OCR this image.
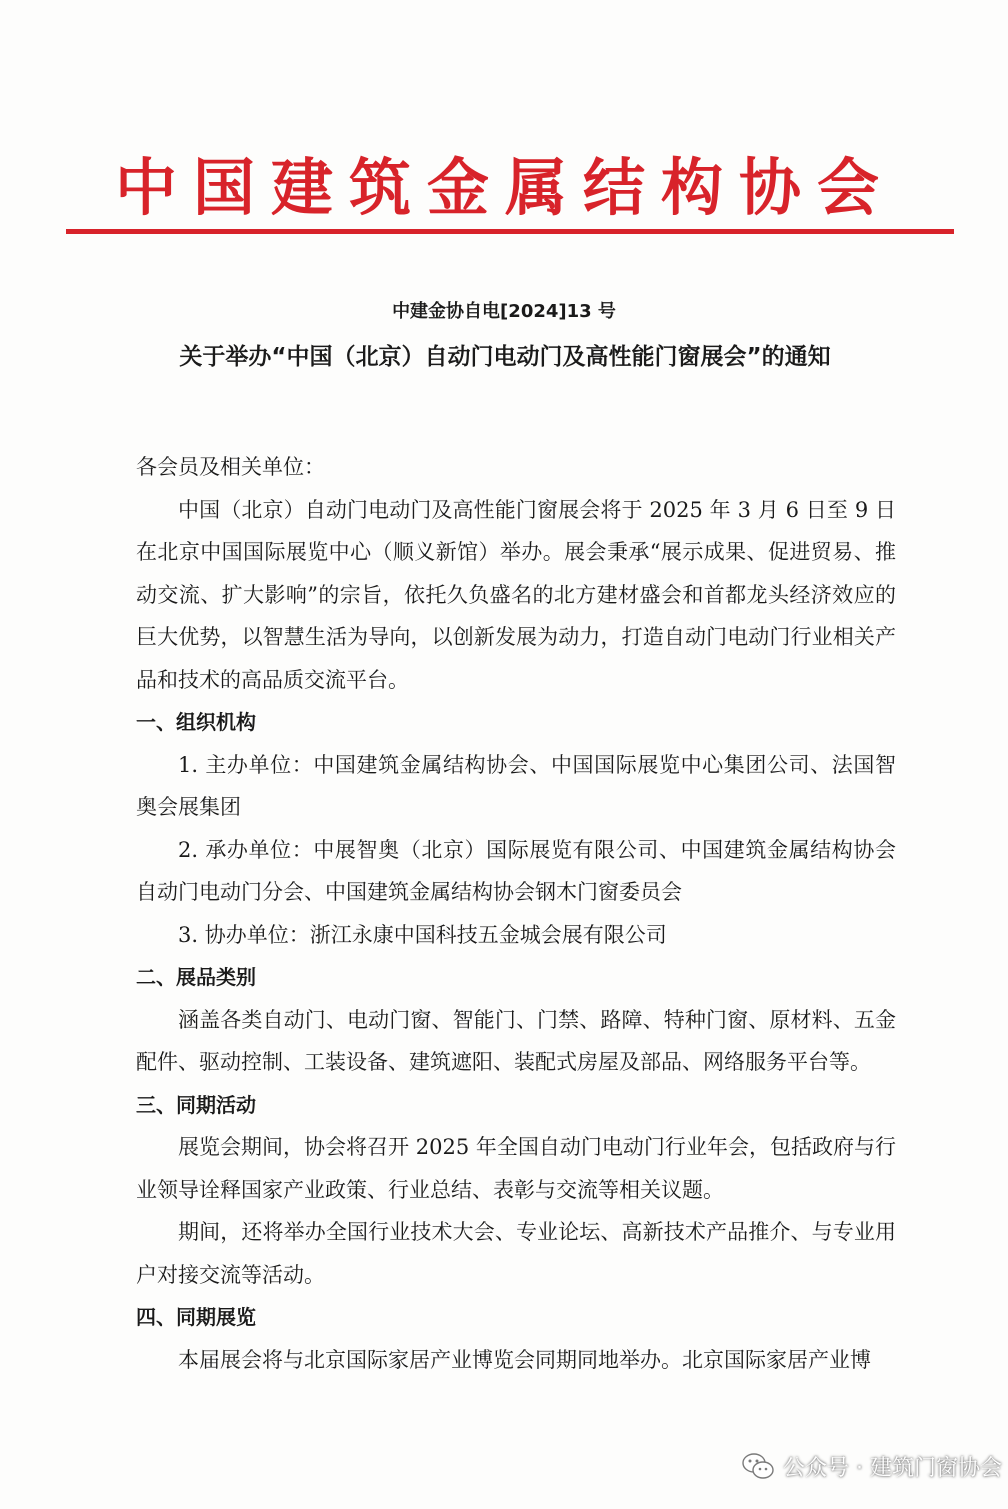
中国建筑金属结构协会
中建金协自电[2024]13 号
关于举办“中国（北京）自动门电动门及高性能门窗展会”的通知

各会员及相关单位：

中国（北京）自动门电动门及高性能门窗展会将于 2025 年 3 月 6 日至 9 日在北京中国国际展览中心（顺义新馆）举办。展会秉承“展示成果、促进贸易、推动交流、扩大影响”的宗旨，依托久负盛名的北方建材盛会和首都龙头经济效应的巨大优势，以智慧生活为导向，以创新发展为动力，打造自动门电动门行业相关产品和技术的高品质交流平台。

一、组织机构

1. 主办单位：中国建筑金属结构协会、中国国际展览中心集团公司、法国智奥会展集团

2. 承办单位：中展智奥（北京）国际展览有限公司、中国建筑金属结构协会自动门电动门分会、中国建筑金属结构协会钢木门窗委员会

3. 协办单位：浙江永康中国科技五金城会展有限公司

二、展品类别

涵盖各类自动门、电动门窗、智能门、门禁、路障、特种门窗、原材料、五金配件、驱动控制、工装设备、建筑遮阳、装配式房屋及部品、网络服务平台等。

三、同期活动

展览会期间，协会将召开 2025 年全国自动门电动门行业年会，包括政府与行业领导诠释国家产业政策、行业总结、表彰与交流等相关议题。

期间，还将举办全国行业技术大会、专业论坛、高新技术产品推介、与专业用户对接交流等活动。

四、同期展览

本届展会将与北京国际家居产业博览会同期同地举办。北京国际家居产业博

公众号 · 建筑门窗协会
